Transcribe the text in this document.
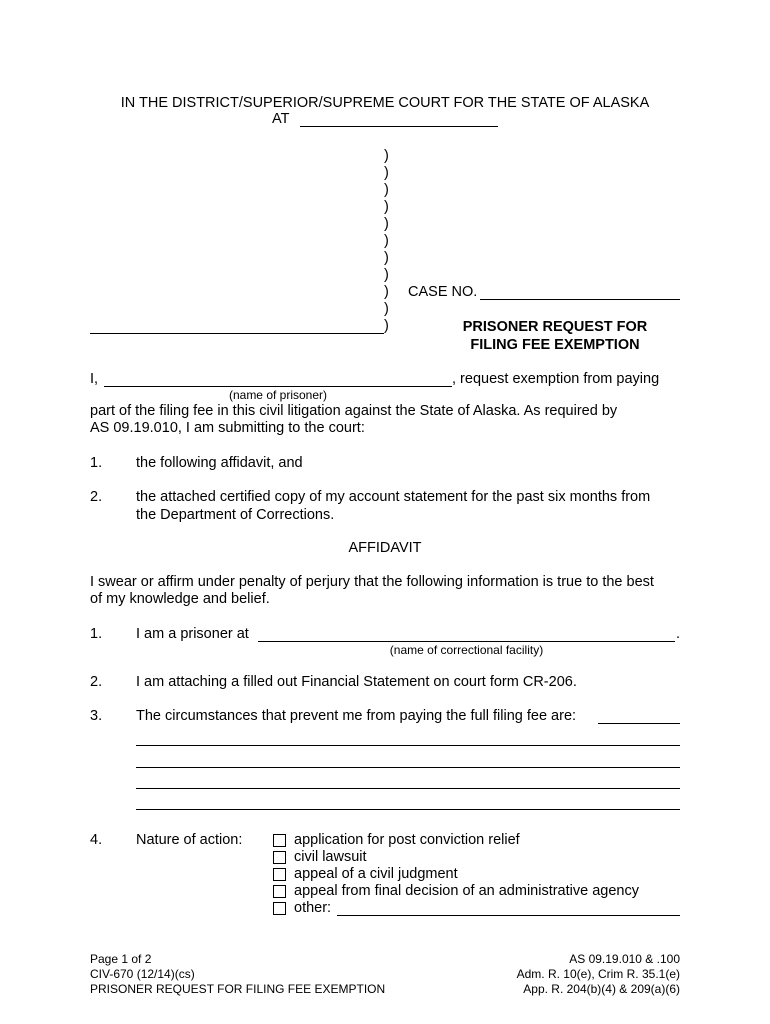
IN THE DISTRICT/SUPERIOR/SUPREME COURT FOR THE STATE OF ALASKA
AT
)
)
)
)
)
)
)
)
)
)
)
CASE NO.
PRISONER REQUEST FOR
FILING FEE EXEMPTION
I,	, request exemption from paying
(name of prisoner)
part of the filing fee in this civil litigation against the State of Alaska. As required by
AS 09.19.010, I am submitting to the court:
1. the following affidavit, and
2. the attached certified copy of my account statement for the past six months from
the Department of Corrections.
AFFIDAVIT
I swear or affirm under penalty of perjury that the following information is true to the best
of my knowledge and belief.
1. I am a prisoner at	.
(name of correctional facility)
2. I am attaching a filled out Financial Statement on court form CR-206.
3. The circumstances that prevent me from paying the full filing fee are:
4. Nature of action:	application for post conviction relief
civil lawsuit
appeal of a civil judgment
appeal from final decision of an administrative agency
other:
Page 1 of 2
CIV-670 (12/14)(cs)
PRISONER REQUEST FOR FILING FEE EXEMPTION
AS 09.19.010 & .100
Adm. R. 10(e), Crim R. 35.1(e)
App. R. 204(b)(4) & 209(a)(6)
